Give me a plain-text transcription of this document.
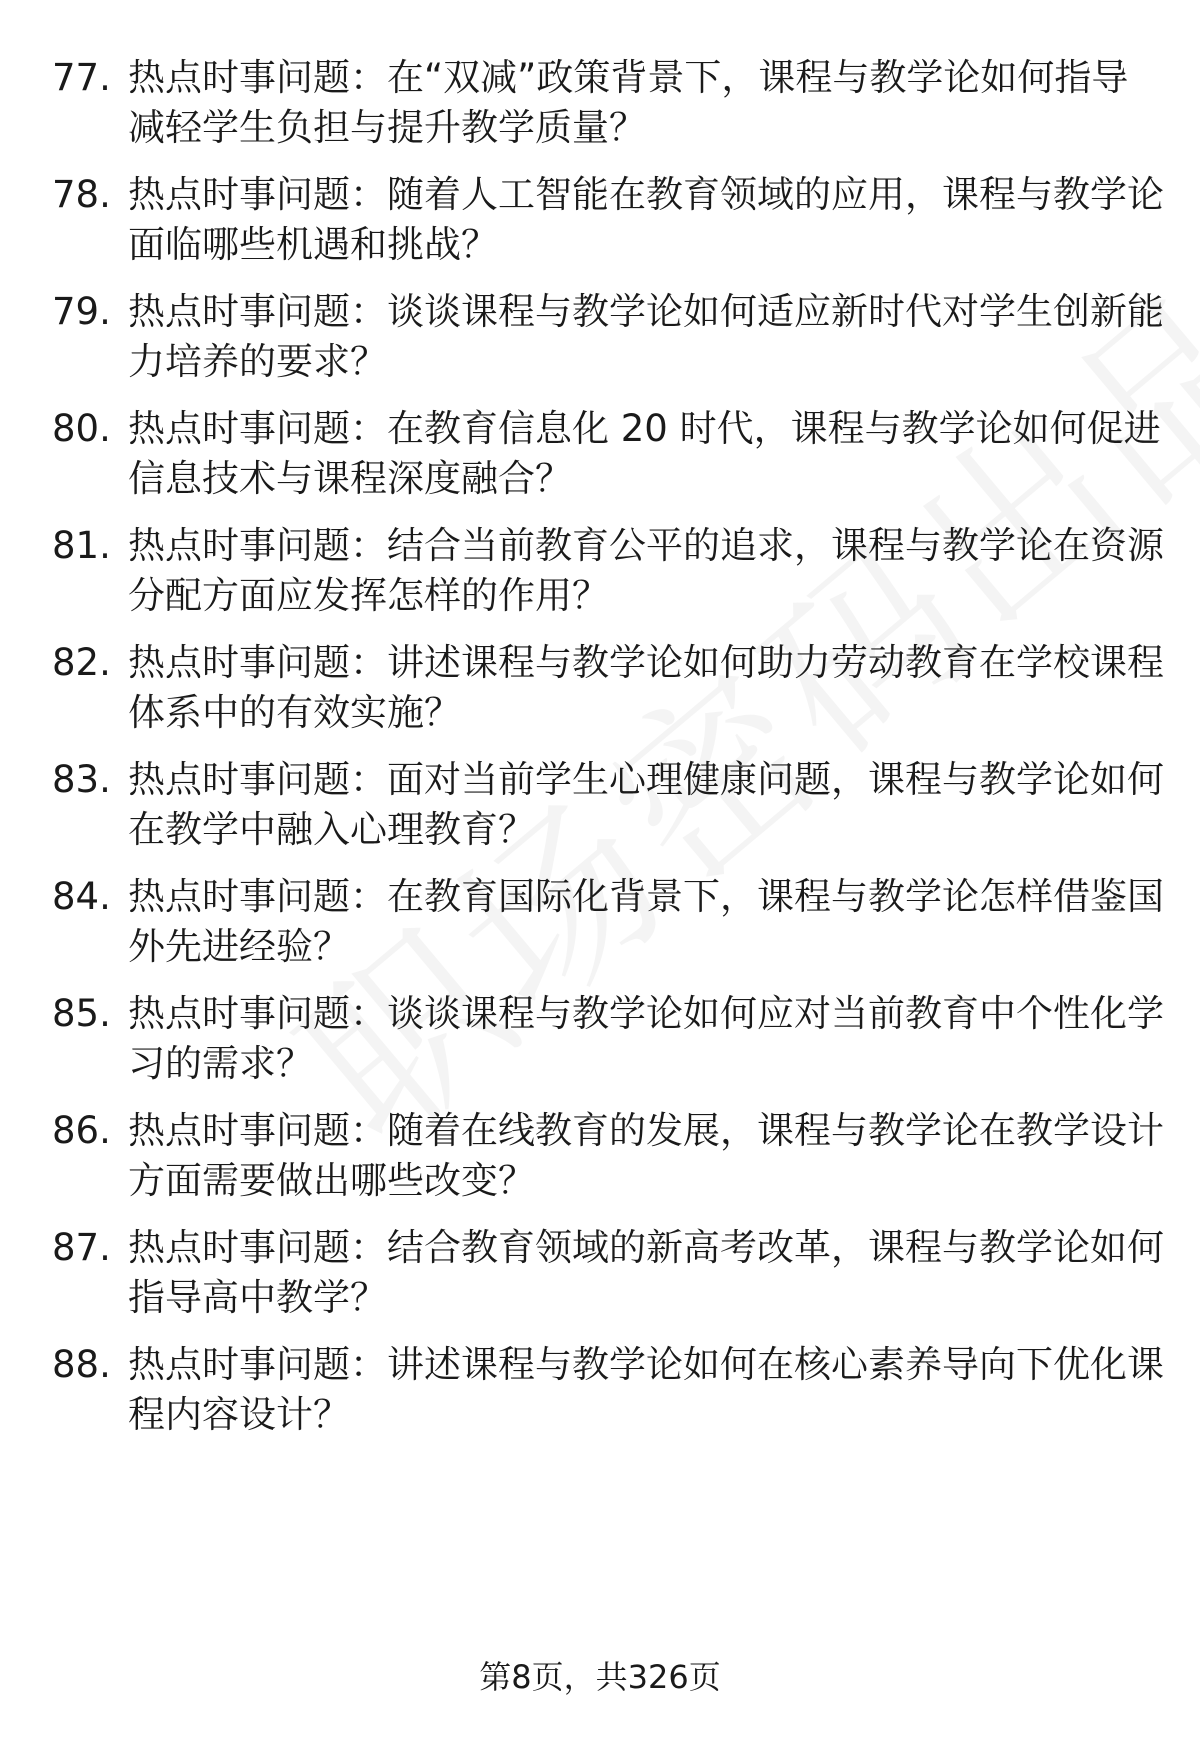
77. 热点时事问题：在“双减”政策背景下，课程与教学论如何指导
减轻学生负担与提升教学质量？
78. 热点时事问题：随着人工智能在教育领域的应用，课程与教学论
面临哪些机遇和挑战？
79. 热点时事问题：谈谈课程与教学论如何适应新时代对学生创新能
力培养的要求？
80. 热点时事问题：在教育信息化 20 时代，课程与教学论如何促进
信息技术与课程深度融合？
81. 热点时事问题：结合当前教育公平的追求，课程与教学论在资源
分配方面应发挥怎样的作用？
82. 热点时事问题：讲述课程与教学论如何助力劳动教育在学校课程
体系中的有效实施？
83. 热点时事问题：面对当前学生心理健康问题，课程与教学论如何
在教学中融入心理教育？
84. 热点时事问题：在教育国际化背景下，课程与教学论怎样借鉴国
外先进经验？
85. 热点时事问题：谈谈课程与教学论如何应对当前教育中个性化学
习的需求？
86. 热点时事问题：随着在线教育的发展，课程与教学论在教学设计
方面需要做出哪些改变？
87. 热点时事问题：结合教育领域的新高考改革，课程与教学论如何
指导高中教学？
88. 热点时事问题：讲述课程与教学论如何在核心素养导向下优化课
程内容设计？
第8页，共326页
